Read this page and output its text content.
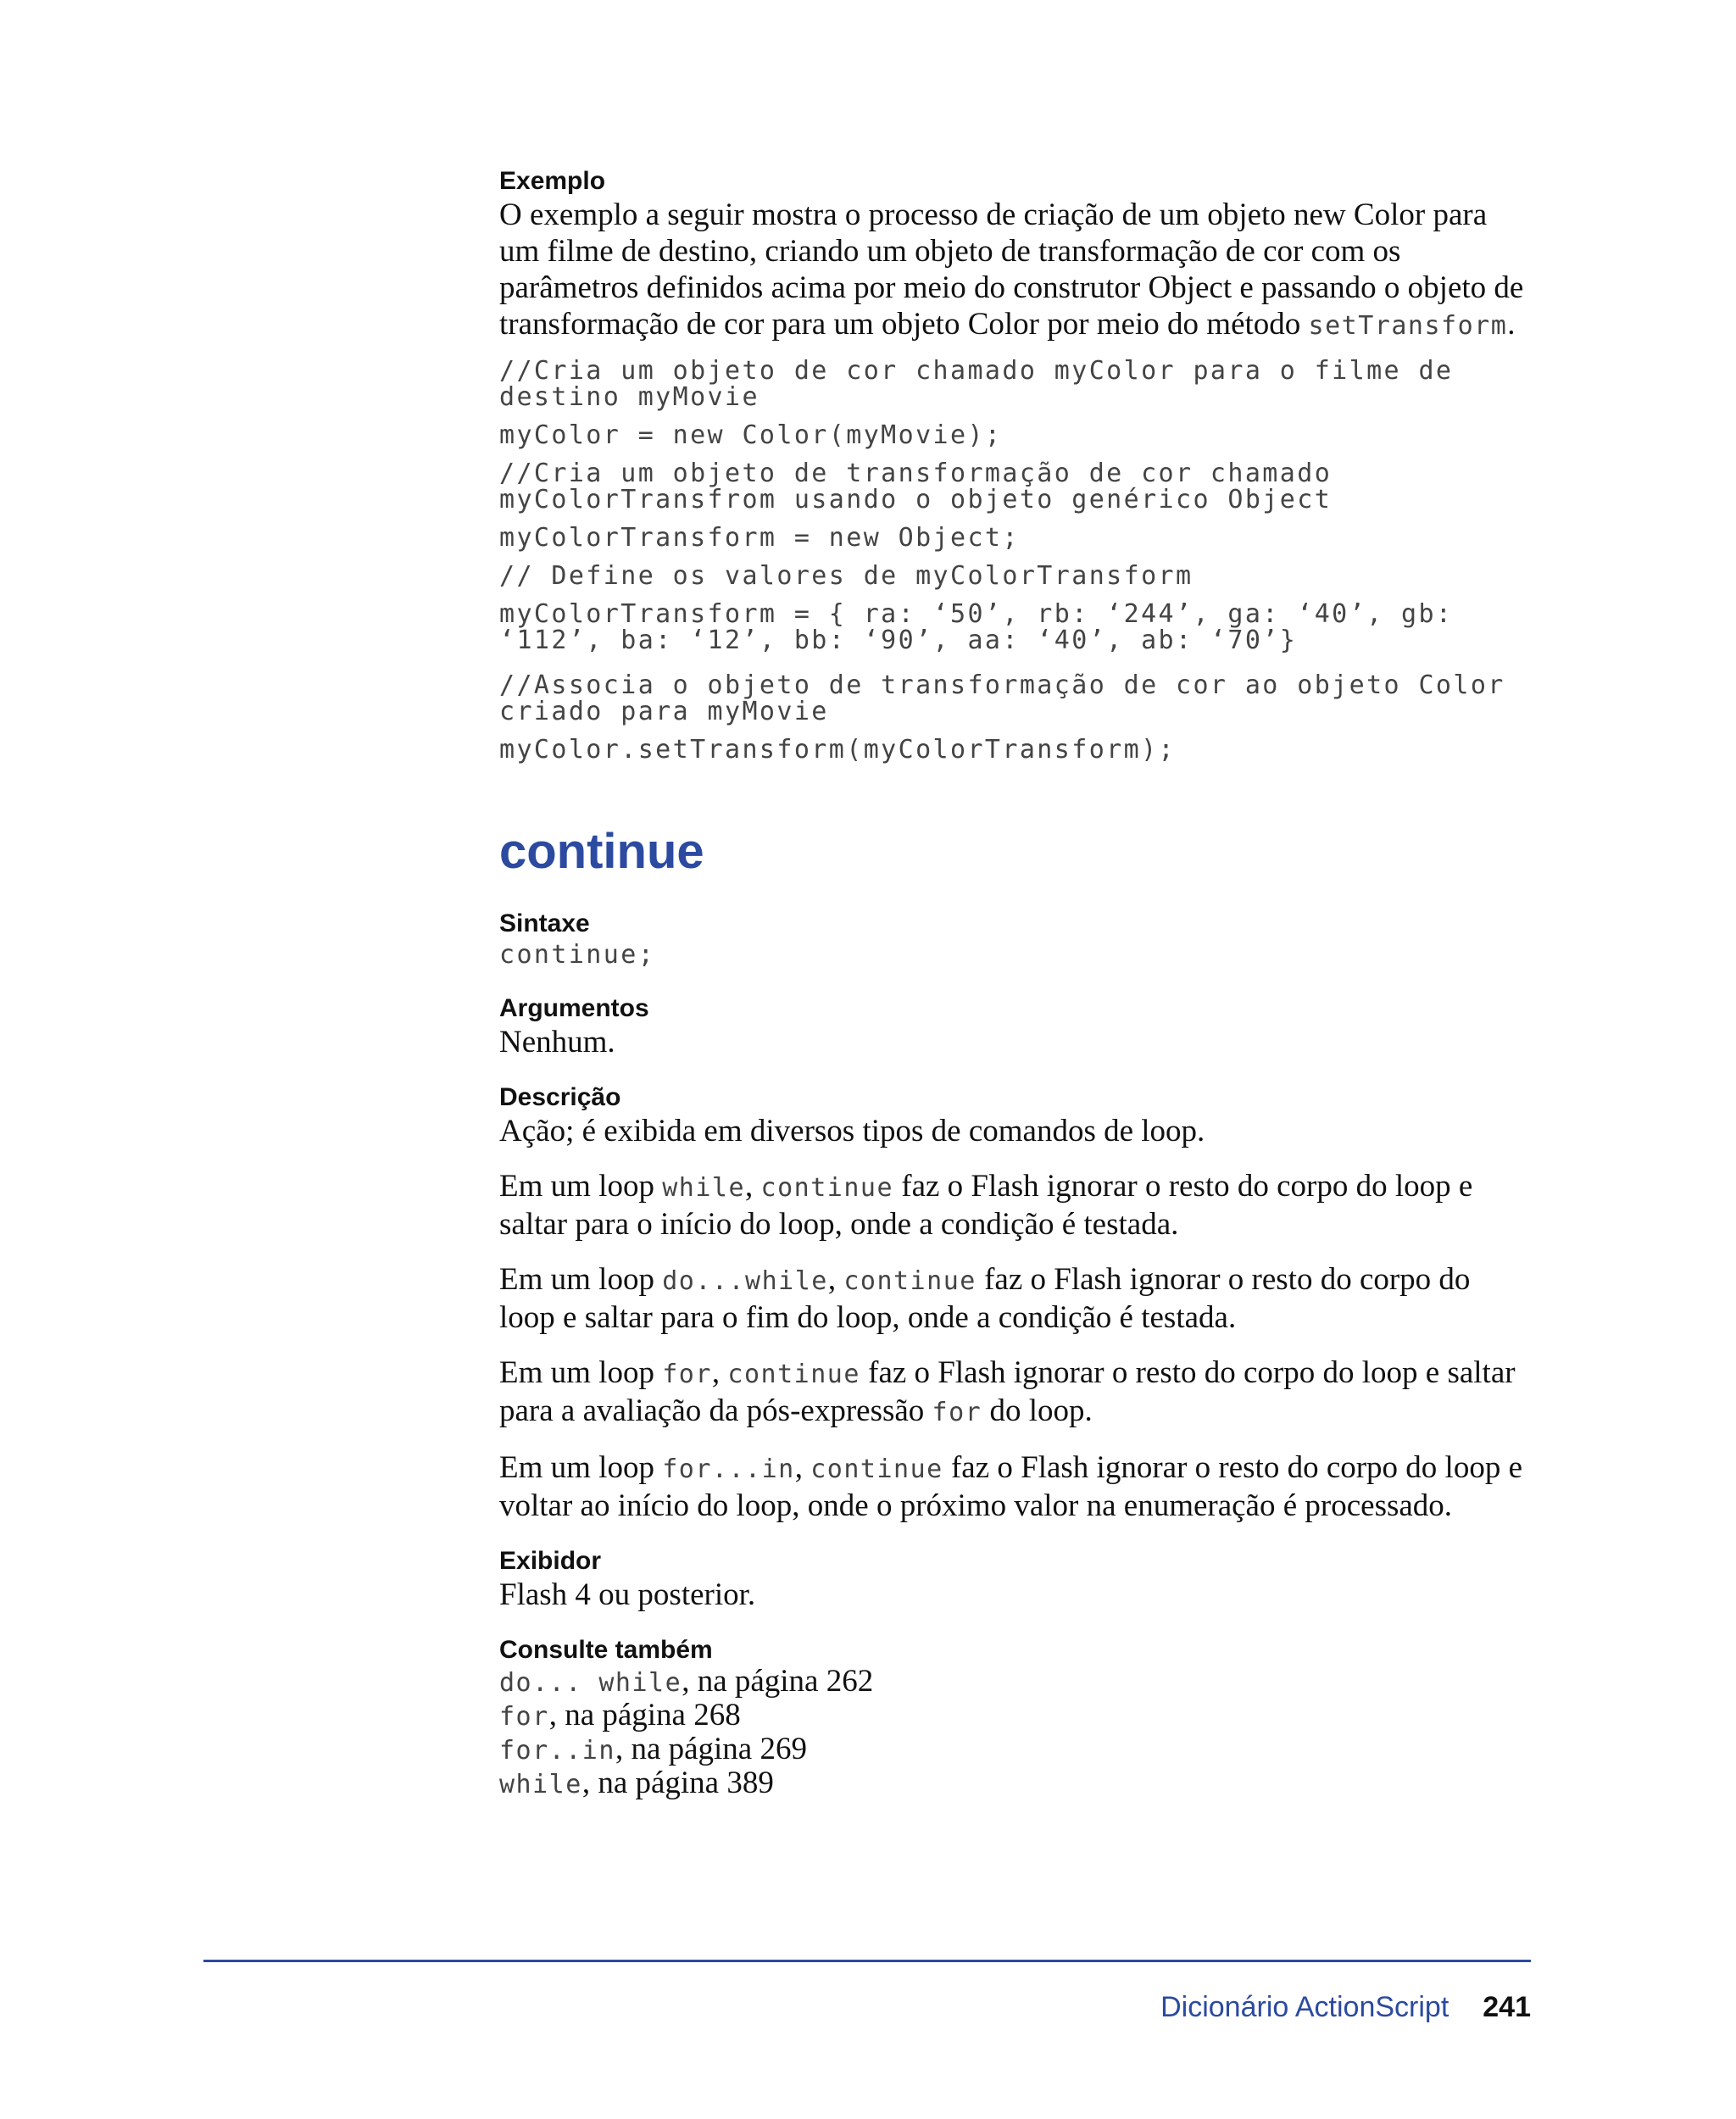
Exemplo

O exemplo a seguir mostra o processo de criação de um objeto new Color para um filme de destino, criando um objeto de transformação de cor com os parâmetros definidos acima por meio do construtor Object e passando o objeto de transformação de cor para um objeto Color por meio do método setTransform.

//Cria um objeto de cor chamado myColor para o filme de destino myMovie

myColor = new Color(myMovie);

//Cria um objeto de transformação de cor chamado myColorTransfrom usando o objeto genérico Object

myColorTransform = new Object;

// Define os valores de myColorTransform

myColorTransform = { ra: ‘50’, rb: ‘244’, ga: ‘40’, gb: ‘112’, ba: ‘12’, bb: ‘90’, aa: ‘40’, ab: ‘70’}

//Associa o objeto de transformação de cor ao objeto Color criado para myMovie

myColor.setTransform(myColorTransform);

continue

Sintaxe

continue;

Argumentos

Nenhum.

Descrição

Ação; é exibida em diversos tipos de comandos de loop.

Em um loop while, continue faz o Flash ignorar o resto do corpo do loop e saltar para o início do loop, onde a condição é testada.

Em um loop do...while, continue faz o Flash ignorar o resto do corpo do loop e saltar para o fim do loop, onde a condição é testada.

Em um loop for, continue faz o Flash ignorar o resto do corpo do loop e saltar para a avaliação da pós-expressão for do loop.

Em um loop for...in, continue faz o Flash ignorar o resto do corpo do loop e voltar ao início do loop, onde o próximo valor na enumeração é processado.

Exibidor

Flash 4 ou posterior.

Consulte também

do... while, na página 262

for, na página 268

for..in, na página 269

while, na página 389

Dicionário ActionScript 241
